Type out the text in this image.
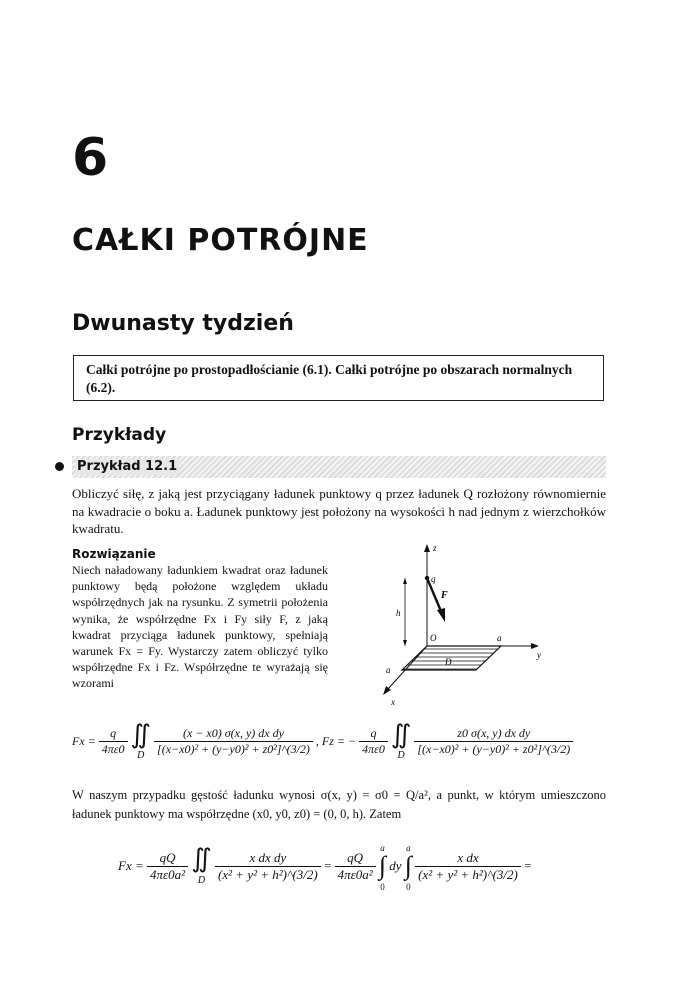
6
CAŁKI POTRÓJNE
Dwunasty tydzień
Całki potrójne po prostopadłościanie (6.1). Całki potrójne po obszarach normalnych (6.2).
Przykłady
Przykład 12.1
Obliczyć siłę, z jaką jest przyciągany ładunek punktowy q przez ładunek Q rozłożony równomiernie na kwadracie o boku a. Ładunek punktowy jest położony na wysokości h nad jednym z wierzchołków kwadratu.
Rozwiązanie
Niech naładowany ładunkiem kwadrat oraz ładunek punktowy będą położone względem układu współrzędnych jak na rysunku. Z symetrii położenia wynika, że współrzędne Fx i Fy siły F, z jaką kwadrat przyciąga ładunek punktowy, spełniają warunek Fx = Fy. Wystarczy zatem obliczyć tylko współrzędne Fx i Fz. Współrzędne te wyrażają się wzorami
z
q
F
h
O	a
y
D
a
x
$Fx = \frac{q}{4\pi\varepsilon 0}$ ∬
D $\frac{\text{(x − x0) σ(x, y) dx dy}}{\text{[(x−x0)² + (y−y0)² + z0²]\textasciicircum{}(3/2)}}$ , Fz = − $\frac{q}{4\pi\varepsilon 0}$ ∬
D $\frac{\text{z0 σ(x, y) dx dy}}{\text{[(x−x0)² + (y−y0)² + z0²]\textasciicircum{}(3/2)}}$
W naszym przypadku gęstość ładunku wynosi σ(x, y) = σ0 = Q/a², a punkt, w którym umieszczono ładunek punktowy ma współrzędne (x0, y0, z0) = (0, 0, h). Zatem
$Fx = \frac{qQ}{\text{4πε0a²}}$ ∬
D $\frac{\text{x dx dy}}{\text{(x² + y² + h²)\textasciicircum{}(3/2)}} = \frac{qQ}{\text{4πε0a²}}$
a
∫
0 dy a
∫
0
$\frac{\text{x dx}}{\text{(x² + y² + h²)\textasciicircum{}(3/2)}}$ =
